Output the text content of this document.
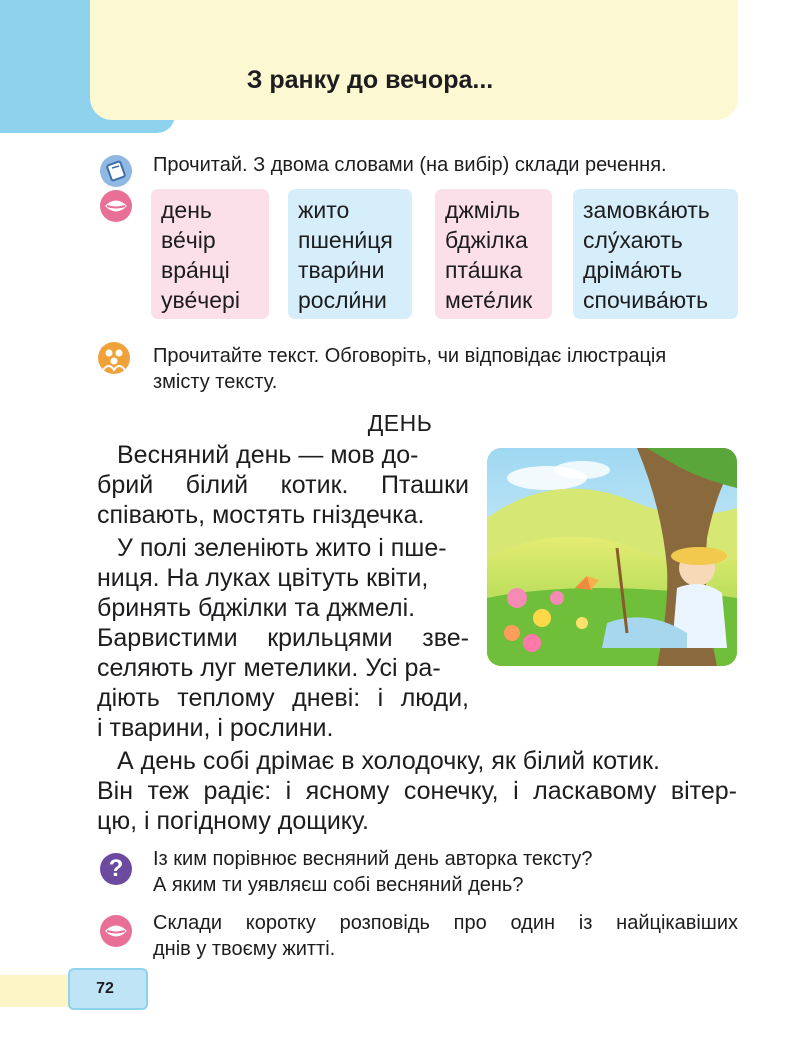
З ранку до вечора...
Прочитай. З двома словами (на вибір) склади речення.
день
ве́чір
вра́нці
уве́чері
жито
пшени́ця
твари́ни
росли́ни
джміль
бджілка
пта́шка
мете́лик
замовка́ють
слу́хають
дріма́ють
спочива́ють
Прочитайте текст. Обговоріть, чи відповідає ілюстрація
змісту тексту.
ДЕНЬ
Весняний день — мов до-
брий білий котик. Пташки
співають, мостять гніздечка.
У полі зеленіють жито і пше-
ниця. На луках цвітуть квіти,
бринять бджілки та джмелі.
Барвистими крильцями зве-
селяють луг метелики. Усі ра-
діють теплому дневі: і люди,
і тварини, і рослини.
А день собі дрімає в холодочку, як білий котик.
Він теж радіє: і ясному сонечку, і ласкавому вітер-
цю, і погідному дощику.
? Із ким порівнює весняний день авторка тексту?
А яким ти уявляєш собі весняний день?
Склади коротку розповідь про один із найцікавіших
днів у твоєму житті.
72
